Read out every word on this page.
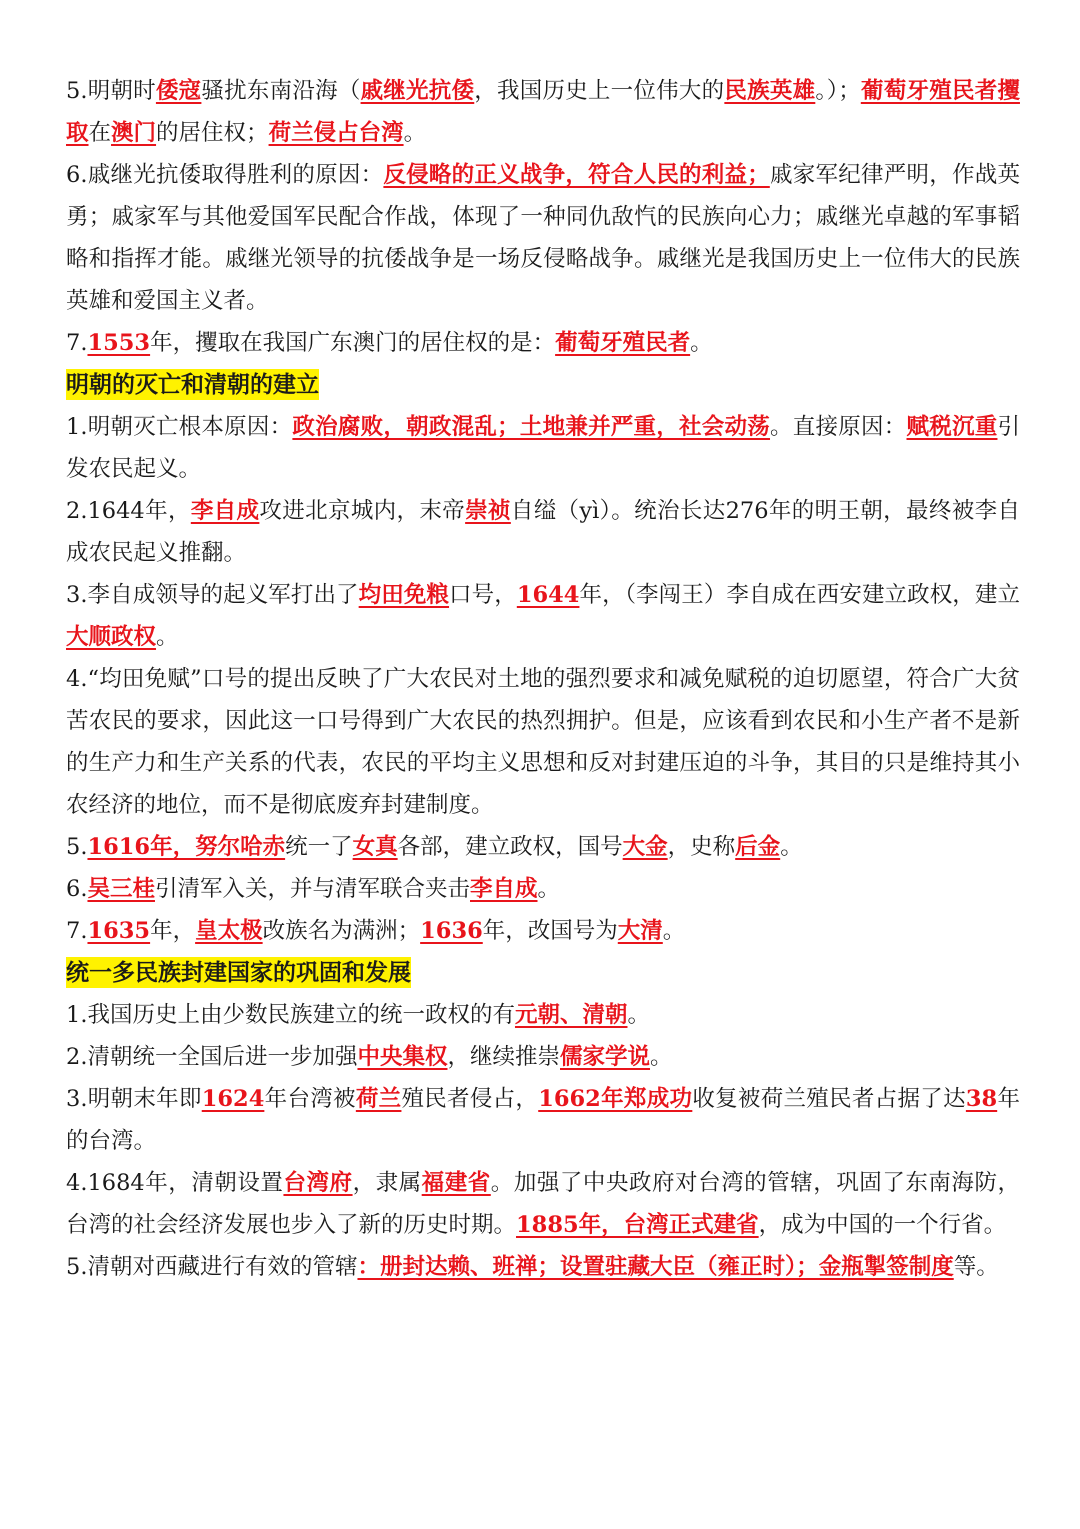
5.明朝时倭寇骚扰东南沿海（戚继光抗倭，我国历史上一位伟大的民族英雄。）；葡萄牙殖民者攫取在澳门的居住权；荷兰侵占台湾。

6.戚继光抗倭取得胜利的原因：反侵略的正义战争，符合人民的利益；戚家军纪律严明，作战英勇；戚家军与其他爱国军民配合作战，体现了一种同仇敌忾的民族向心力；戚继光卓越的军事韬略和指挥才能。戚继光领导的抗倭战争是一场反侵略战争。戚继光是我国历史上一位伟大的民族英雄和爱国主义者。

7.1553年，攫取在我国广东澳门的居住权的是：葡萄牙殖民者。

明朝的灭亡和清朝的建立

1.明朝灭亡根本原因：政治腐败，朝政混乱；土地兼并严重，社会动荡。直接原因：赋税沉重引发农民起义。

2.1644年，李自成攻进北京城内，末帝崇祯自缢（yì）。统治长达276年的明王朝，最终被李自成农民起义推翻。

3.李自成领导的起义军打出了均田免粮口号，1644年，（李闯王）李自成在西安建立政权，建立大顺政权。

4.“均田免赋”口号的提出反映了广大农民对土地的强烈要求和减免赋税的迫切愿望，符合广大贫苦农民的要求，因此这一口号得到广大农民的热烈拥护。但是，应该看到农民和小生产者不是新的生产力和生产关系的代表，农民的平均主义思想和反对封建压迫的斗争，其目的只是维持其小农经济的地位，而不是彻底废弃封建制度。

5.1616年，努尔哈赤统一了女真各部，建立政权，国号大金，史称后金。

6.吴三桂引清军入关，并与清军联合夹击李自成。

7.1635年，皇太极改族名为满洲；1636年，改国号为大清。

统一多民族封建国家的巩固和发展

1.我国历史上由少数民族建立的统一政权的有元朝、清朝。

2.清朝统一全国后进一步加强中央集权，继续推崇儒家学说。

3.明朝末年即1624年台湾被荷兰殖民者侵占，1662年郑成功收复被荷兰殖民者占据了达38年的台湾。

4.1684年，清朝设置台湾府，隶属福建省。加强了中央政府对台湾的管辖，巩固了东南海防，台湾的社会经济发展也步入了新的历史时期。1885年，台湾正式建省，成为中国的一个行省。

5.清朝对西藏进行有效的管辖：册封达赖、班禅；设置驻藏大臣（雍正时）；金瓶掣签制度等。
